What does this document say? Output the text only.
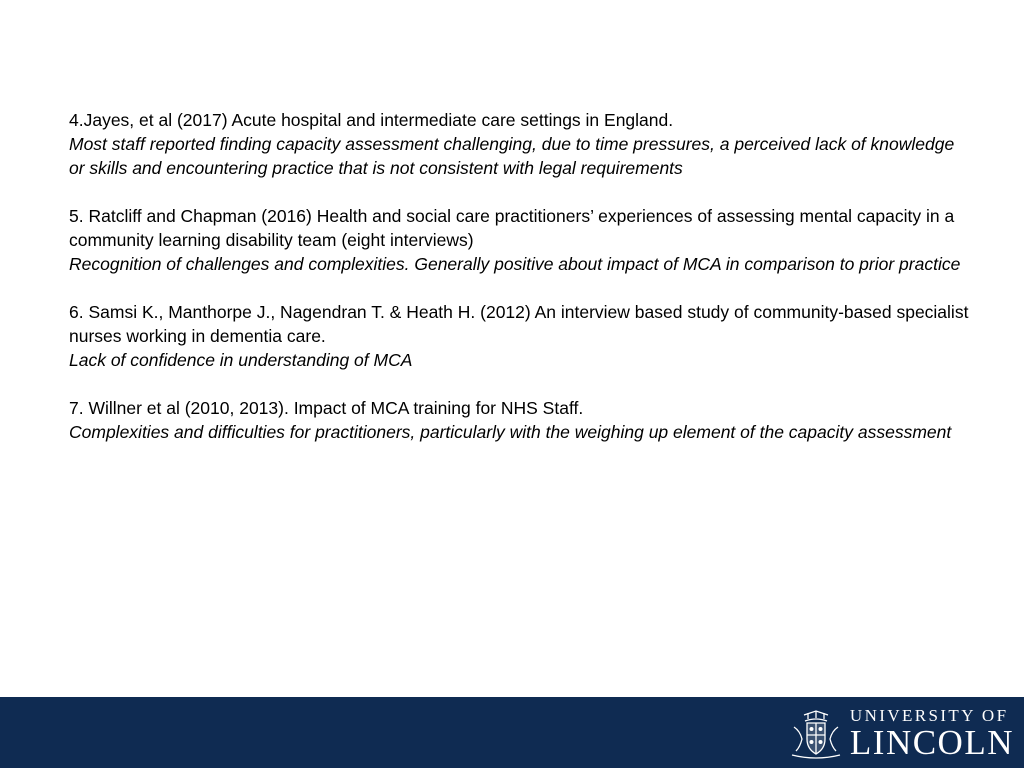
4.Jayes, et al (2017) Acute hospital and intermediate care settings in England.

Most staff reported finding capacity assessment challenging, due to time pressures, a perceived lack of knowledge or skills and encountering practice that is not consistent with legal requirements

5. Ratcliff and Chapman (2016) Health and social care practitioners’ experiences of assessing mental capacity in a community learning disability team (eight interviews)

Recognition of challenges and complexities. Generally positive about impact of MCA in comparison to prior practice

6. Samsi K., Manthorpe J., Nagendran T. & Heath H. (2012) An interview based study of community-based specialist nurses working in dementia care.

Lack of confidence in understanding of MCA

7. Willner et al (2010, 2013). Impact of MCA training for NHS Staff.

Complexities and difficulties for practitioners, particularly with the weighing up element of the capacity assessment

UNIVERSITY OF
LINCOLN
